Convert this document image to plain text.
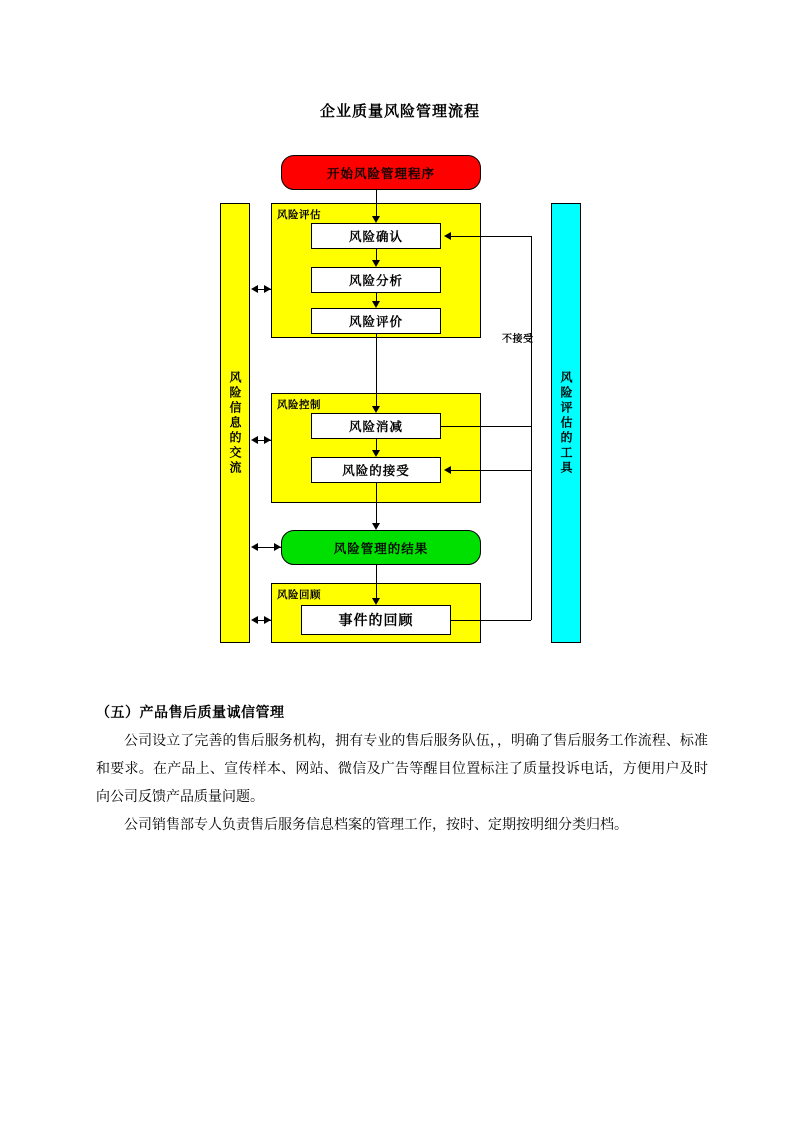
企业质量风险管理流程
风险信息的交流	风险评估的工具
开始风险管理程序
风险评估
风险确认
风险分析
风险评价
风险控制
风险消减
风险的接受
风险管理的结果
风险回顾
事件的回顾
不接受
（五）产品售后质量诚信管理
公司设立了完善的售后服务机构，拥有专业的售后服务队伍，，明确了售后服务工作流程、标准和要求。在产品上、宣传样本、网站、微信及广告等醒目位置标注了质量投诉电话，方便用户及时向公司反馈产品质量问题。
公司销售部专人负责售后服务信息档案的管理工作，按时、定期按明细分类归档。
